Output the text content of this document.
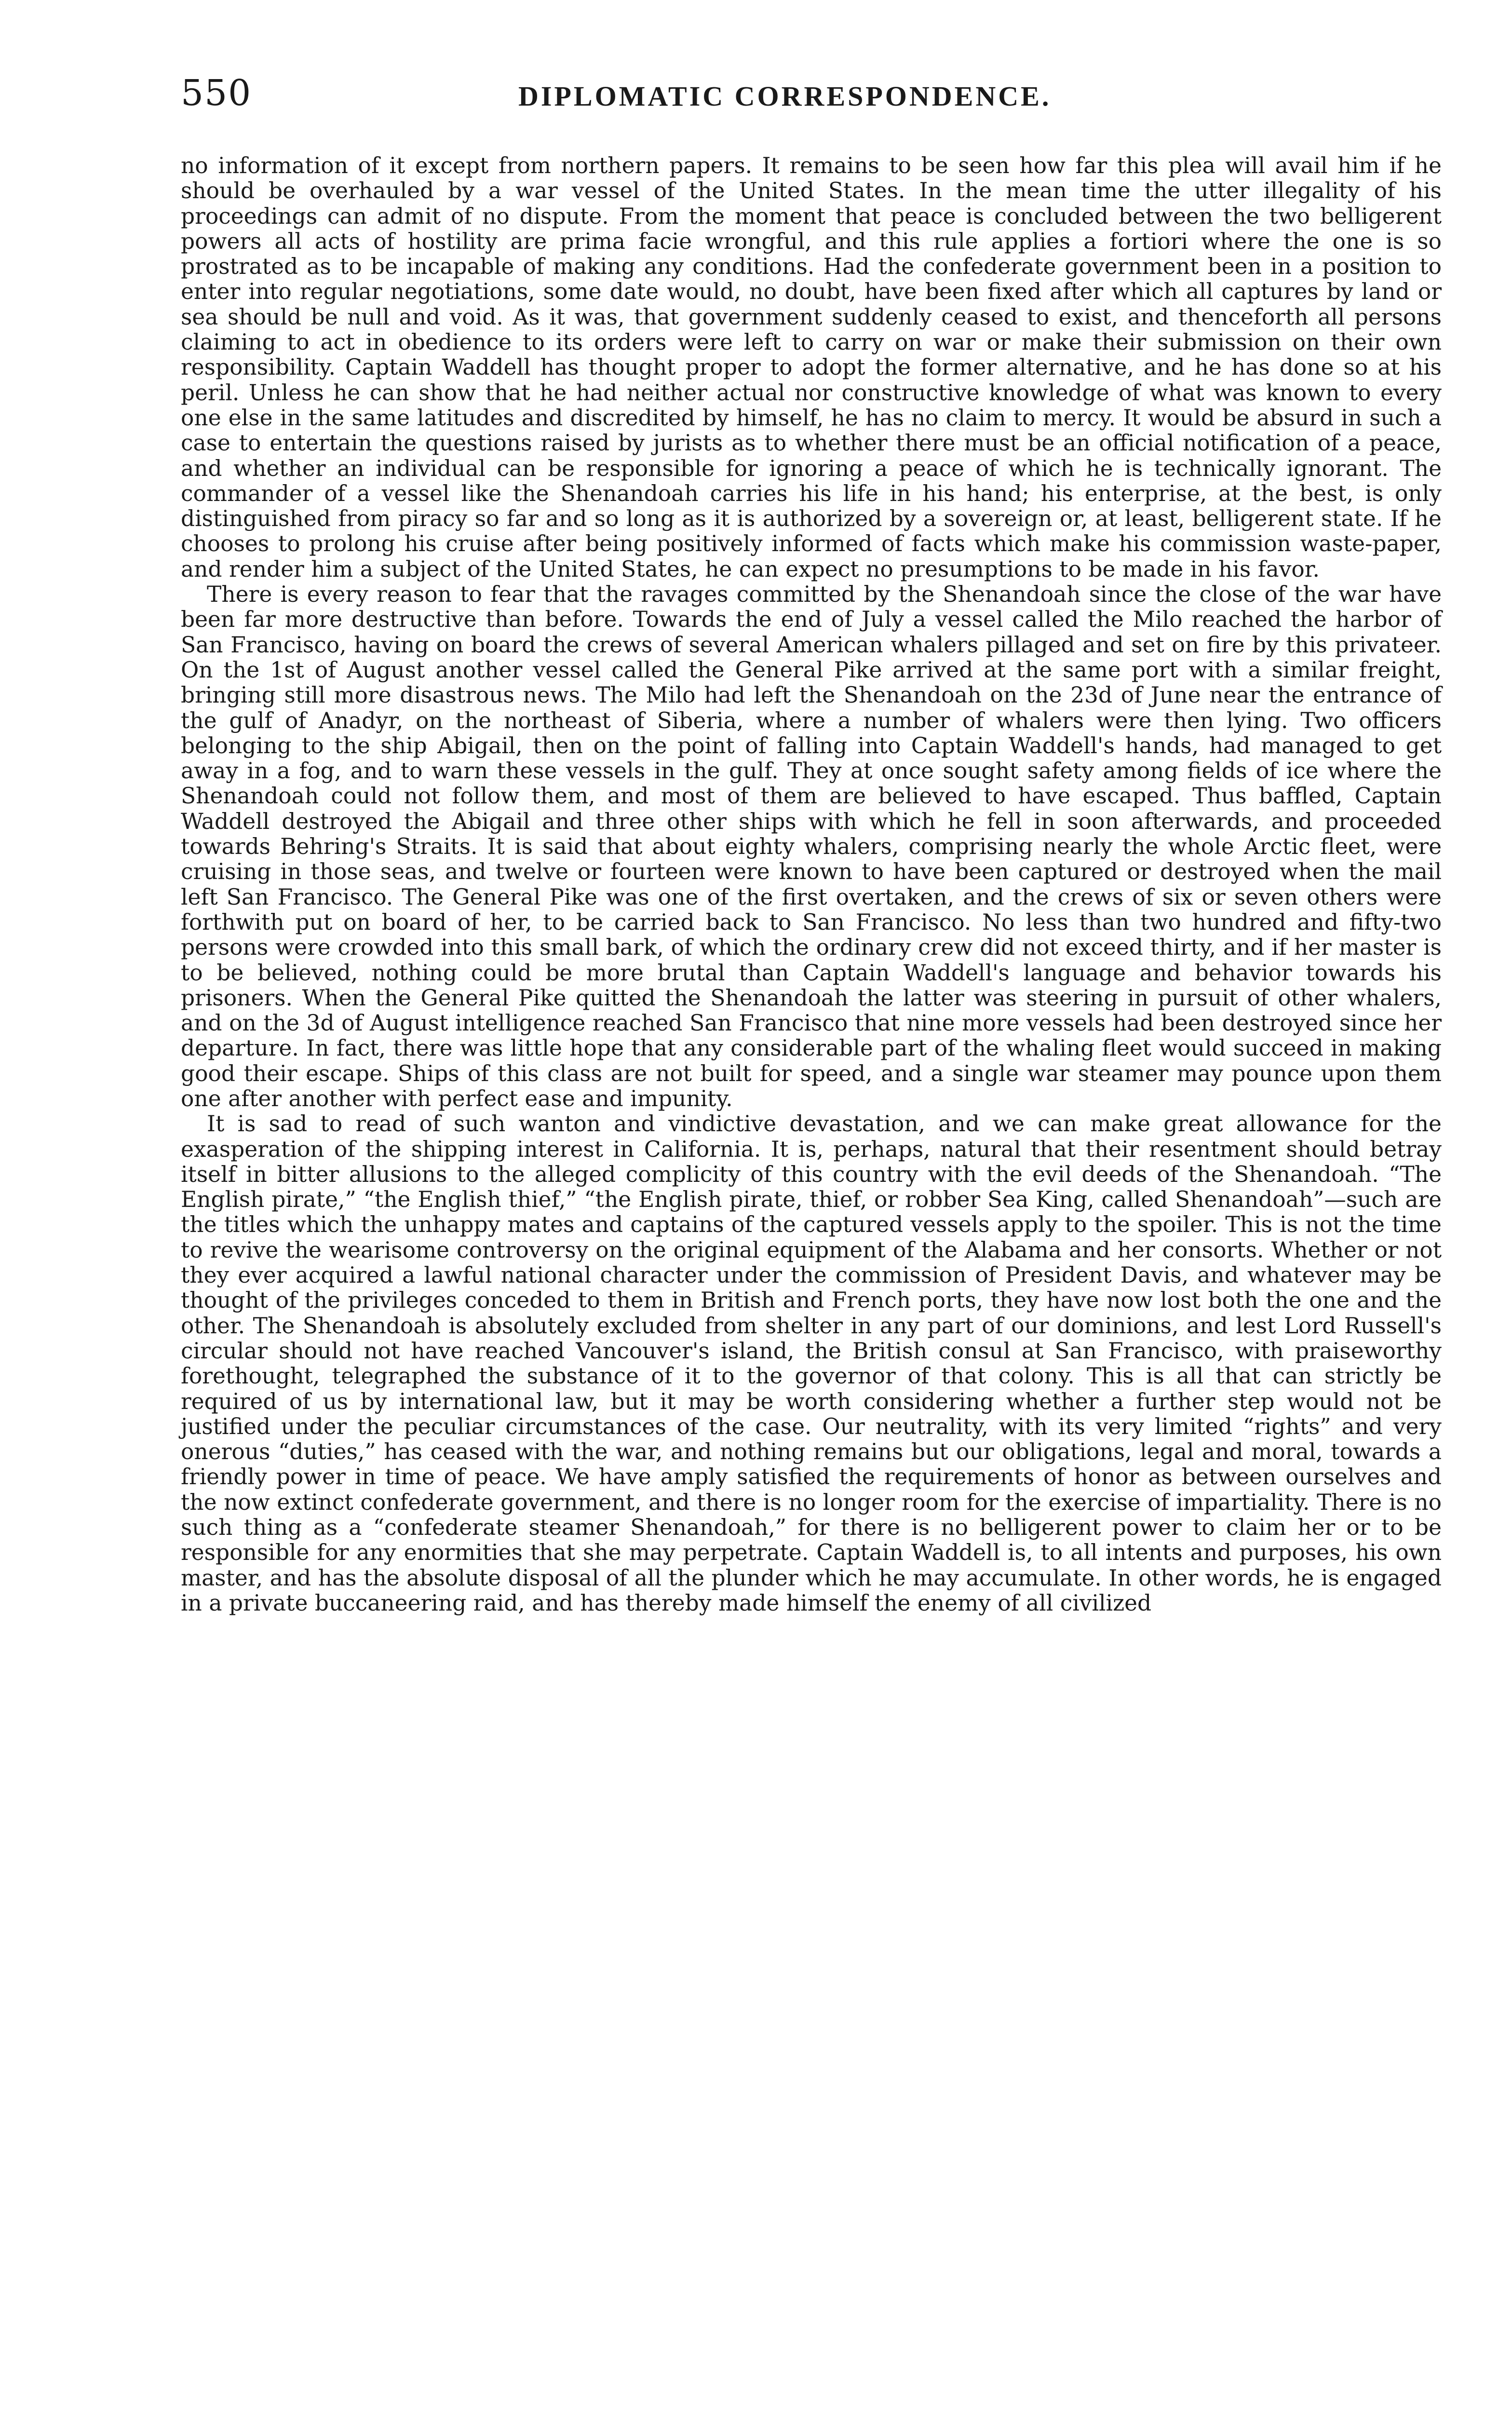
550	DIPLOMATIC CORRESPONDENCE.

no information of it except from northern papers. It remains to be seen how far this plea will avail him if he should be overhauled by a war vessel of the United States. In the mean time the utter illegality of his proceedings can admit of no dispute. From the moment that peace is concluded between the two belligerent powers all acts of hostility are prima facie wrongful, and this rule applies a fortiori where the one is so prostrated as to be incapable of making any conditions. Had the confederate government been in a position to enter into regular negotiations, some date would, no doubt, have been fixed after which all captures by land or sea should be null and void. As it was, that government suddenly ceased to exist, and thenceforth all persons claiming to act in obedience to its orders were left to carry on war or make their submission on their own responsibility. Captain Waddell has thought proper to adopt the former alternative, and he has done so at his peril. Unless he can show that he had neither actual nor constructive knowledge of what was known to every one else in the same latitudes and discredited by himself, he has no claim to mercy. It would be absurd in such a case to entertain the questions raised by jurists as to whether there must be an official notification of a peace, and whether an individual can be responsible for ignoring a peace of which he is technically ignorant. The commander of a vessel like the Shenandoah carries his life in his hand; his enterprise, at the best, is only distinguished from piracy so far and so long as it is authorized by a sovereign or, at least, belligerent state. If he chooses to prolong his cruise after being positively informed of facts which make his commission waste-paper, and render him a subject of the United States, he can expect no presumptions to be made in his favor.

There is every reason to fear that the ravages committed by the Shenandoah since the close of the war have been far more destructive than before. Towards the end of July a vessel called the Milo reached the harbor of San Francisco, having on board the crews of several American whalers pillaged and set on fire by this privateer. On the 1st of August another vessel called the General Pike arrived at the same port with a similar freight, bringing still more disastrous news. The Milo had left the Shenandoah on the 23d of June near the entrance of the gulf of Anadyr, on the northeast of Siberia, where a number of whalers were then lying. Two officers belonging to the ship Abigail, then on the point of falling into Captain Waddell's hands, had managed to get away in a fog, and to warn these vessels in the gulf. They at once sought safety among fields of ice where the Shenandoah could not follow them, and most of them are believed to have escaped. Thus baffled, Captain Waddell destroyed the Abigail and three other ships with which he fell in soon afterwards, and proceeded towards Behring's Straits. It is said that about eighty whalers, comprising nearly the whole Arctic fleet, were cruising in those seas, and twelve or fourteen were known to have been captured or destroyed when the mail left San Francisco. The General Pike was one of the first overtaken, and the crews of six or seven others were forthwith put on board of her, to be carried back to San Francisco. No less than two hundred and fifty-two persons were crowded into this small bark, of which the ordinary crew did not exceed thirty, and if her master is to be believed, nothing could be more brutal than Captain Waddell's language and behavior towards his prisoners. When the General Pike quitted the Shenandoah the latter was steering in pursuit of other whalers, and on the 3d of August intelligence reached San Francisco that nine more vessels had been destroyed since her departure. In fact, there was little hope that any considerable part of the whaling fleet would succeed in making good their escape. Ships of this class are not built for speed, and a single war steamer may pounce upon them one after another with perfect ease and impunity.

It is sad to read of such wanton and vindictive devastation, and we can make great allowance for the exasperation of the shipping interest in California. It is, perhaps, natural that their resentment should betray itself in bitter allusions to the alleged complicity of this country with the evil deeds of the Shenandoah. “The English pirate,” “the English thief,” “the English pirate, thief, or robber Sea King, called Shenandoah”—such are the titles which the unhappy mates and captains of the captured vessels apply to the spoiler. This is not the time to revive the wearisome controversy on the original equipment of the Alabama and her consorts. Whether or not they ever acquired a lawful national character under the commission of President Davis, and whatever may be thought of the privileges conceded to them in British and French ports, they have now lost both the one and the other. The Shenandoah is absolutely excluded from shelter in any part of our dominions, and lest Lord Russell's circular should not have reached Vancouver's island, the British consul at San Francisco, with praiseworthy forethought, telegraphed the substance of it to the governor of that colony. This is all that can strictly be required of us by international law, but it may be worth considering whether a further step would not be justified under the peculiar circumstances of the case. Our neutrality, with its very limited “rights” and very onerous “duties,” has ceased with the war, and nothing remains but our obligations, legal and moral, towards a friendly power in time of peace. We have amply satisfied the requirements of honor as between ourselves and the now extinct confederate government, and there is no longer room for the exercise of impartiality. There is no such thing as a “confederate steamer Shenandoah,” for there is no belligerent power to claim her or to be responsible for any enormities that she may perpetrate. Captain Waddell is, to all intents and purposes, his own master, and has the absolute disposal of all the plunder which he may accumulate. In other words, he is engaged in a private buccaneering raid, and has thereby made himself the enemy of all civilized
